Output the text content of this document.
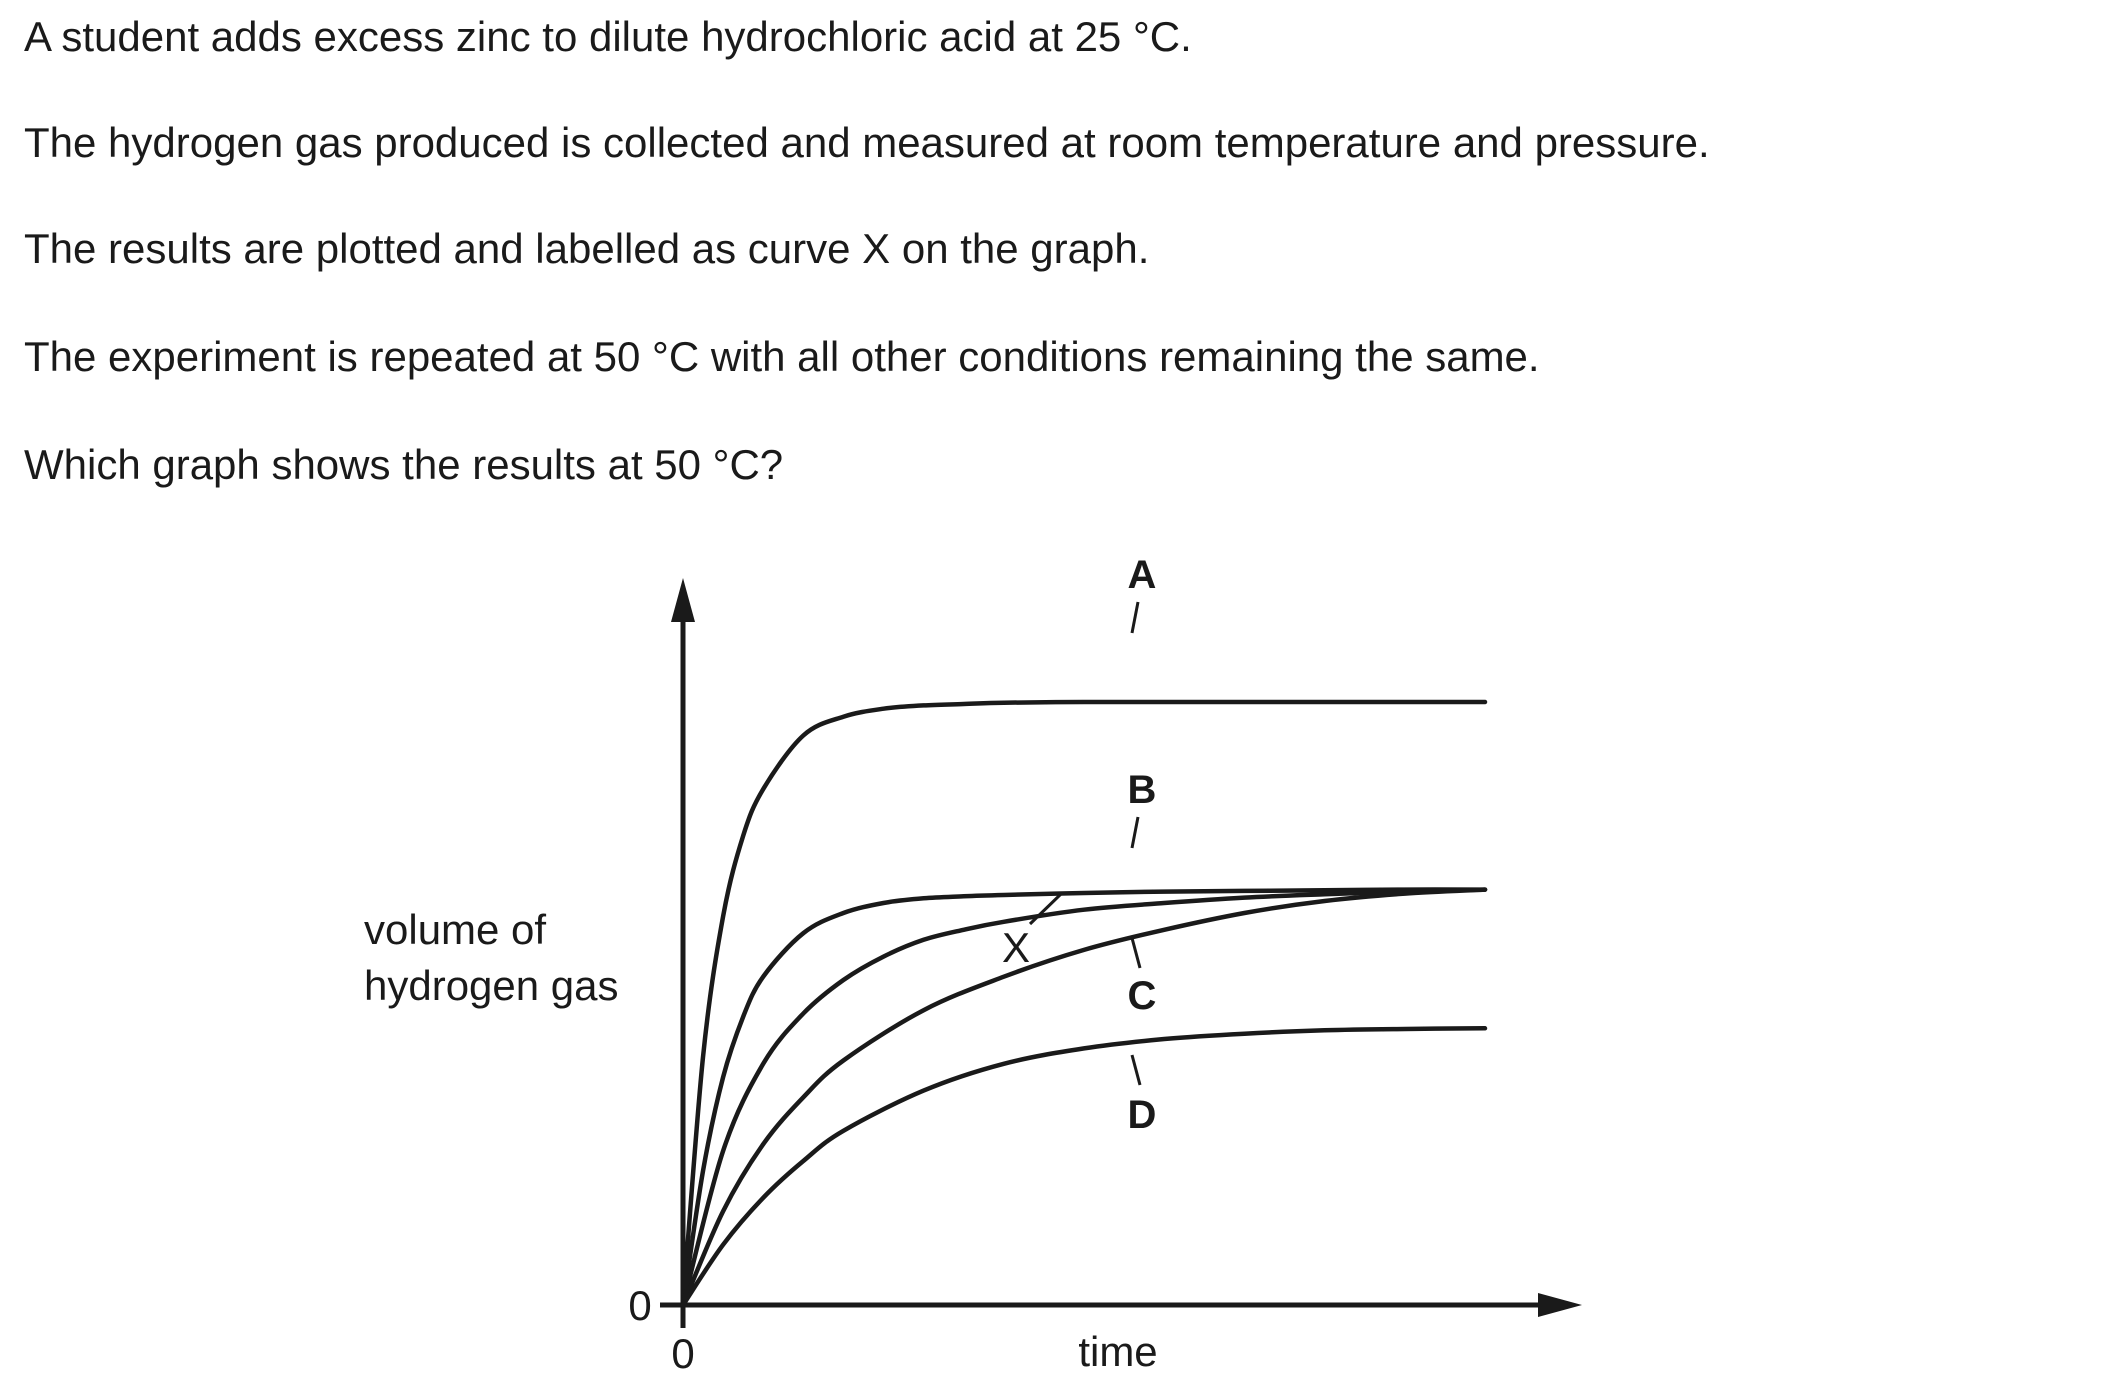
A student adds excess zinc to dilute hydrochloric acid at 25 °C.

The hydrogen gas produced is collected and measured at room temperature and pressure.

The results are plotted and labelled as curve X on the graph.

The experiment is repeated at 50 °C with all other conditions remaining the same.

Which graph shows the results at 50 °C?

0
0	time
volume of
hydrogen gas
A
B
X
C
D
